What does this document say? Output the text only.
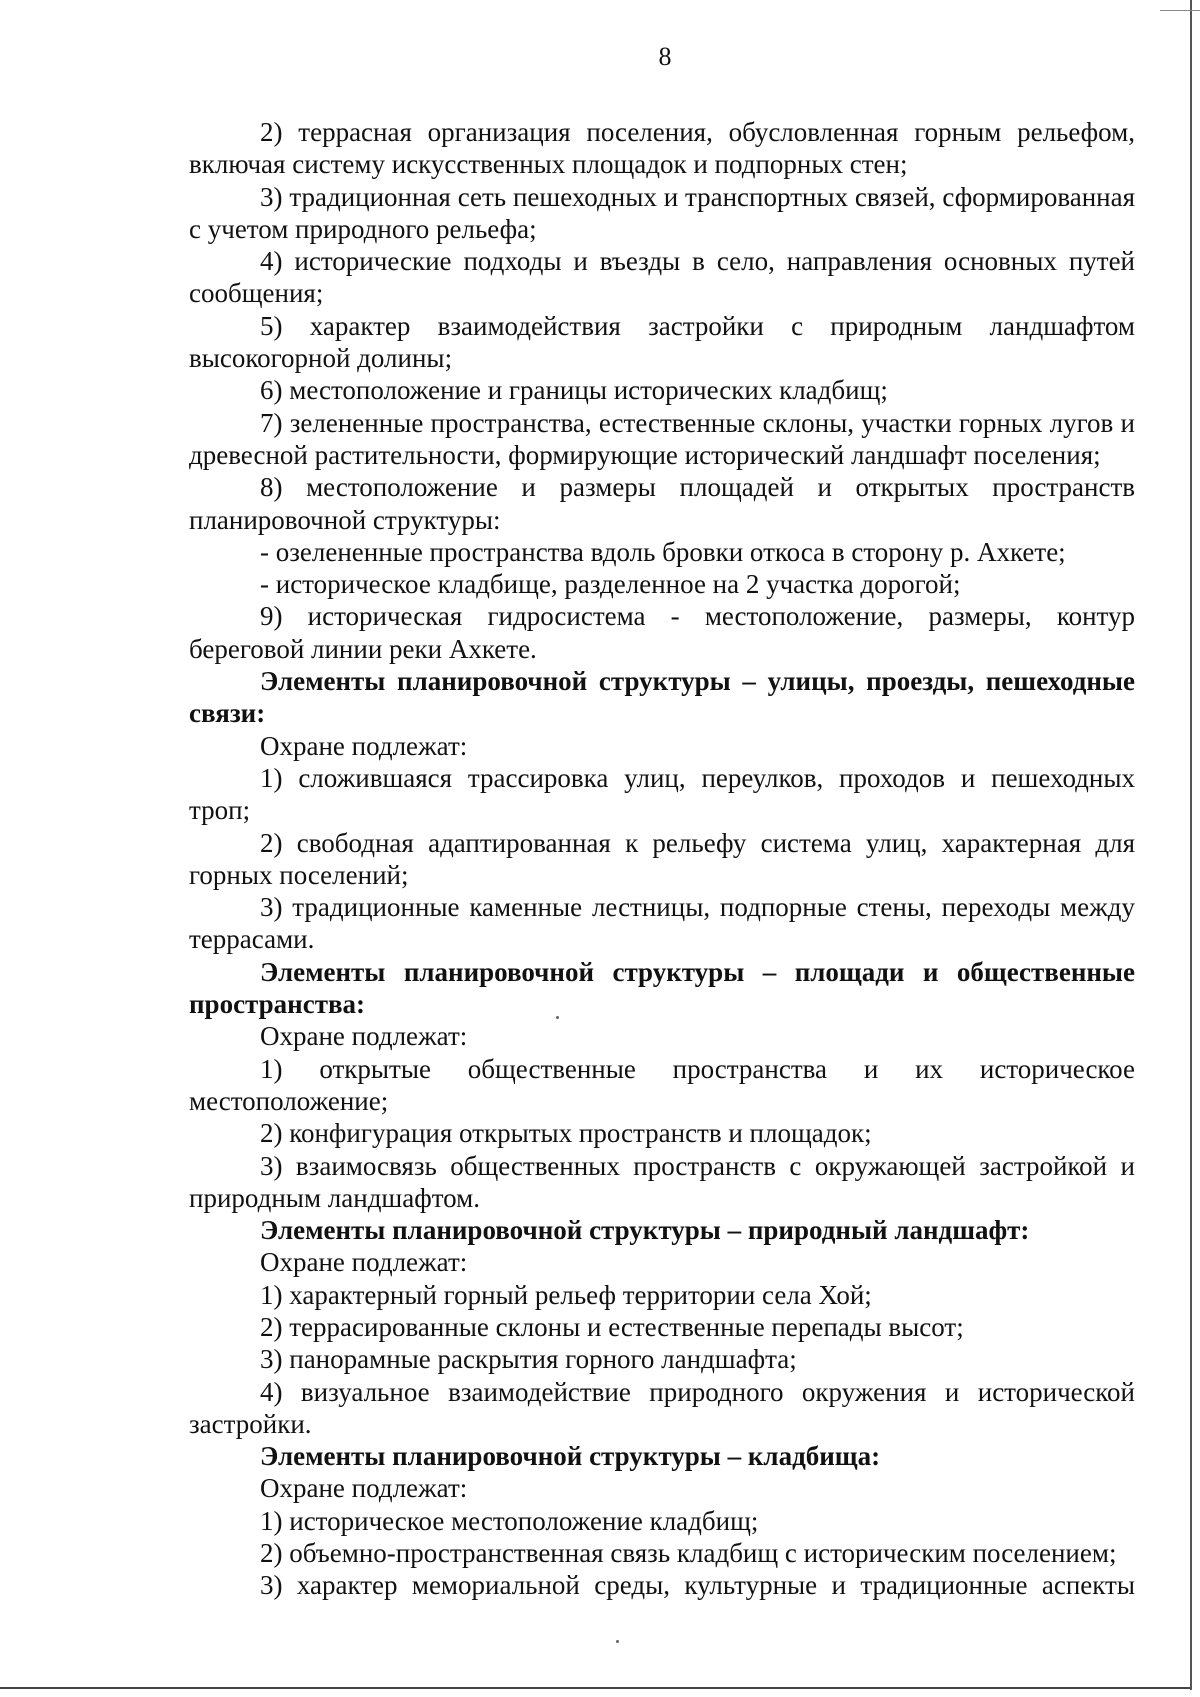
8

2) террасная организация поселения, обусловленная горным рельефом, включая систему искусственных площадок и подпорных стен;

3) традиционная сеть пешеходных и транспортных связей, сформированная с учетом природного рельефа;

4) исторические подходы и въезды в село, направления основных путей сообщения;

5) характер взаимодействия застройки с природным ландшафтом высокогорной долины;

6) местоположение и границы исторических кладбищ;

7) зелененные пространства, естественные склоны, участки горных лугов и древесной растительности, формирующие исторический ландшафт поселения;

8) местоположение и размеры площадей и открытых пространств планировочной структуры:

- озелененные пространства вдоль бровки откоса в сторону р. Ахкете;

- историческое кладбище, разделенное на 2 участка дорогой;

9) историческая гидросистема - местоположение, размеры, контур береговой линии реки Ахкете.

Элементы планировочной структуры – улицы, проезды, пешеходные связи:

Охране подлежат:

1) сложившаяся трассировка улиц, переулков, проходов и пешеходных троп;

2) свободная адаптированная к рельефу система улиц, характерная для горных поселений;

3) традиционные каменные лестницы, подпорные стены, переходы между террасами.

Элементы планировочной структуры – площади и общественные пространства:

Охране подлежат:

1) открытые общественные пространства и их историческое местоположение;

2) конфигурация открытых пространств и площадок;

3) взаимосвязь общественных пространств с окружающей застройкой и природным ландшафтом.

Элементы планировочной структуры – природный ландшафт:

Охране подлежат:

1) характерный горный рельеф территории села Хой;

2) террасированные склоны и естественные перепады высот;

3) панорамные раскрытия горного ландшафта;

4) визуальное взаимодействие природного окружения и исторической застройки.

Элементы планировочной структуры – кладбища:

Охране подлежат:

1) историческое местоположение кладбищ;

2) объемно-пространственная связь кладбищ с историческим поселением;

3) характер мемориальной среды, культурные и традиционные аспекты
